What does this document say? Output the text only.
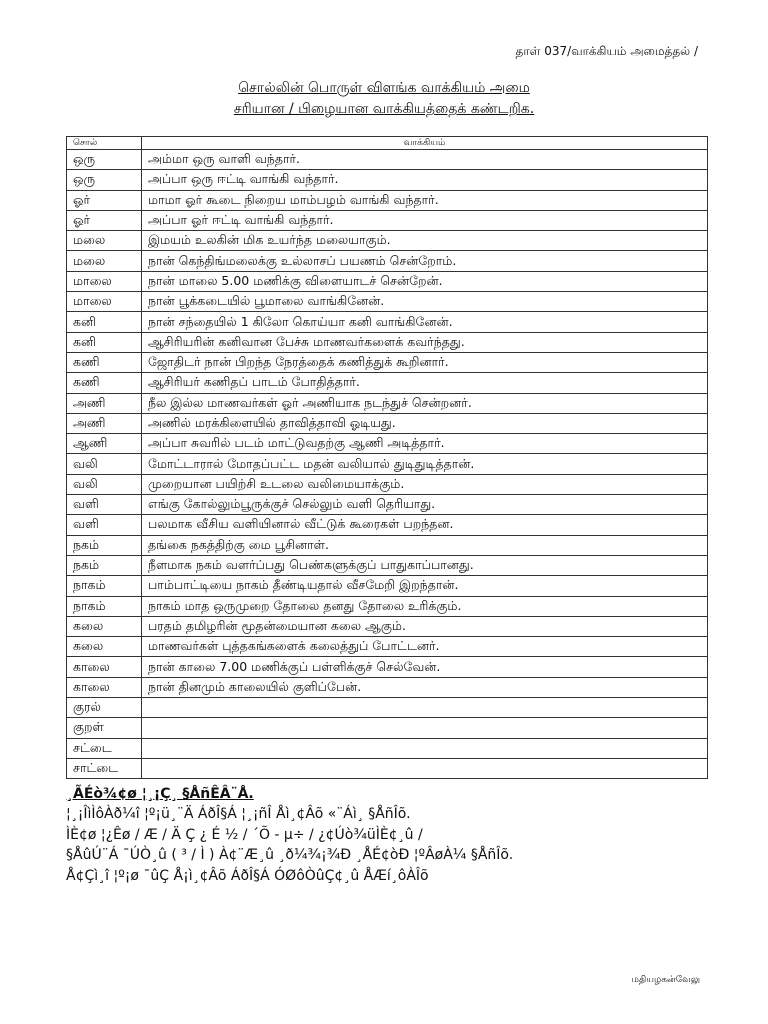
தாள் 037/வாக்கியம் அமைத்தல் /
சொல்லின் பொருள் விளங்க வாக்கியம் அமை
சரியான / பிழையான வாக்கியத்தைக் கண்டறிக.
சொல்	வாக்கியம்
ஒரு	அம்மா ஒரு வாளி வந்தார்.
ஒரு	அப்பா ஒரு ஈட்டி வாங்கி வந்தார்.
ஓர்	மாமா ஓர் கூடை நிறைய மாம்பழம் வாங்கி வந்தார்.
ஓர்	அப்பா ஓர் ஈட்டி வாங்கி வந்தார்.
மலை	இமயம் உலகின் மிக உயர்ந்த மலையாகும்.
மலை	நான் கெந்திங்மலைக்கு உல்லாசப் பயணம் சென்றோம்.
மாலை	நான் மாலை 5.00 மணிக்கு விளையாடச் சென்றேன்.
மாலை	நான் பூக்கடையில் பூமாலை வாங்கினேன்.
கனி	நான் சந்தையில் 1 கிலோ கொய்யா கனி வாங்கினேன்.
கனி	ஆசிரியரின் கனிவான பேச்சு மாணவர்களைக் கவர்ந்தது.
கணி	ஜோதிடர் நான் பிறந்த நேரத்தைக் கணித்துக் கூறினார்.
கணி	ஆசிரியர் கணிதப் பாடம் போதித்தார்.
அணி	நீல இல்ல மாணவர்கள் ஓர் அணியாக நடந்துச் சென்றனர்.
அணி	அணில் மரக்கிளையில் தாவித்தாவி ஓடியது.
ஆணி	அப்பா சுவரில் படம் மாட்டுவதற்கு ஆணி அடித்தார்.
வலி	மோட்டாரால் மோதப்பட்ட மதன் வலியால் துடிதுடித்தான்.
வலி	முறையான பயிற்சி உடலை வலிமையாக்கும்.
வளி	எங்கு கோல்லும்பூருக்குச் செல்லும் வளி தெரியாது.
வளி	பலமாக வீசிய வளியினால் வீட்டுக் கூரைகள் பறந்தன.
நகம்	தங்கை நகத்திற்கு மை பூசினாள்.
நகம்	நீளமாக நகம் வளர்ப்பது பெண்களுக்குப் பாதுகாப்பானது.
நாகம்	பாம்பாட்டியை நாகம் தீண்டியதால் வீசமேறி இறந்தான்.
நாகம்	நாகம் மாத ஒருமுறை தோலை தனது தோலை உரிக்கும்.
கலை	பரதம் தமிழரின் மூதன்மையான கலை ஆகும்.
கலை	மாணவர்கள் புத்தகங்களைக் கலைத்துப் போட்டனர்.
காலை	நான் காலை 7.00 மணிக்குப் பள்ளிக்குச் செல்வேன்.
காலை	நான் தினமும் காலையில் குளிப்பேன்.
குரல்	
குறள்	
சட்டை	
சாட்டை	
¸ÃÉò¾¢ø ¦¸¡Ç¸ §ÅñÊÂ¨Å.
¦¸¡ÎìÌôÀð¼î ¦º¡ü¸¨Ä ÁðÎ§Á ¦¸¡ñÎ Åì¸¢Âõ «¨Áì¸ §ÅñÎõ.
ÌÈ¢ø ¦¿Êø / Æ / Ä Ç ¿ É ½ / ´Õ - µ÷ / ¿¢Úò¾üÌÈ¢¸û /
§ÅûÚ¨Á ¯ÚÒ¸û ( ³ / Ì ) À¢¨Æ¸û ¸ð¼¾¡¾Ð ¸ÅÉ¢òÐ ¦ºÂøÀ¼ §ÅñÎõ.
Å¢Çì¸î ¦º¡ø ¯ûÇ Å¡ì¸¢Âõ ÁðÎ§Á ÓØôÒûÇ¢¸û ÅÆí¸ôÀÎõ
மதியழகன்வேலு
